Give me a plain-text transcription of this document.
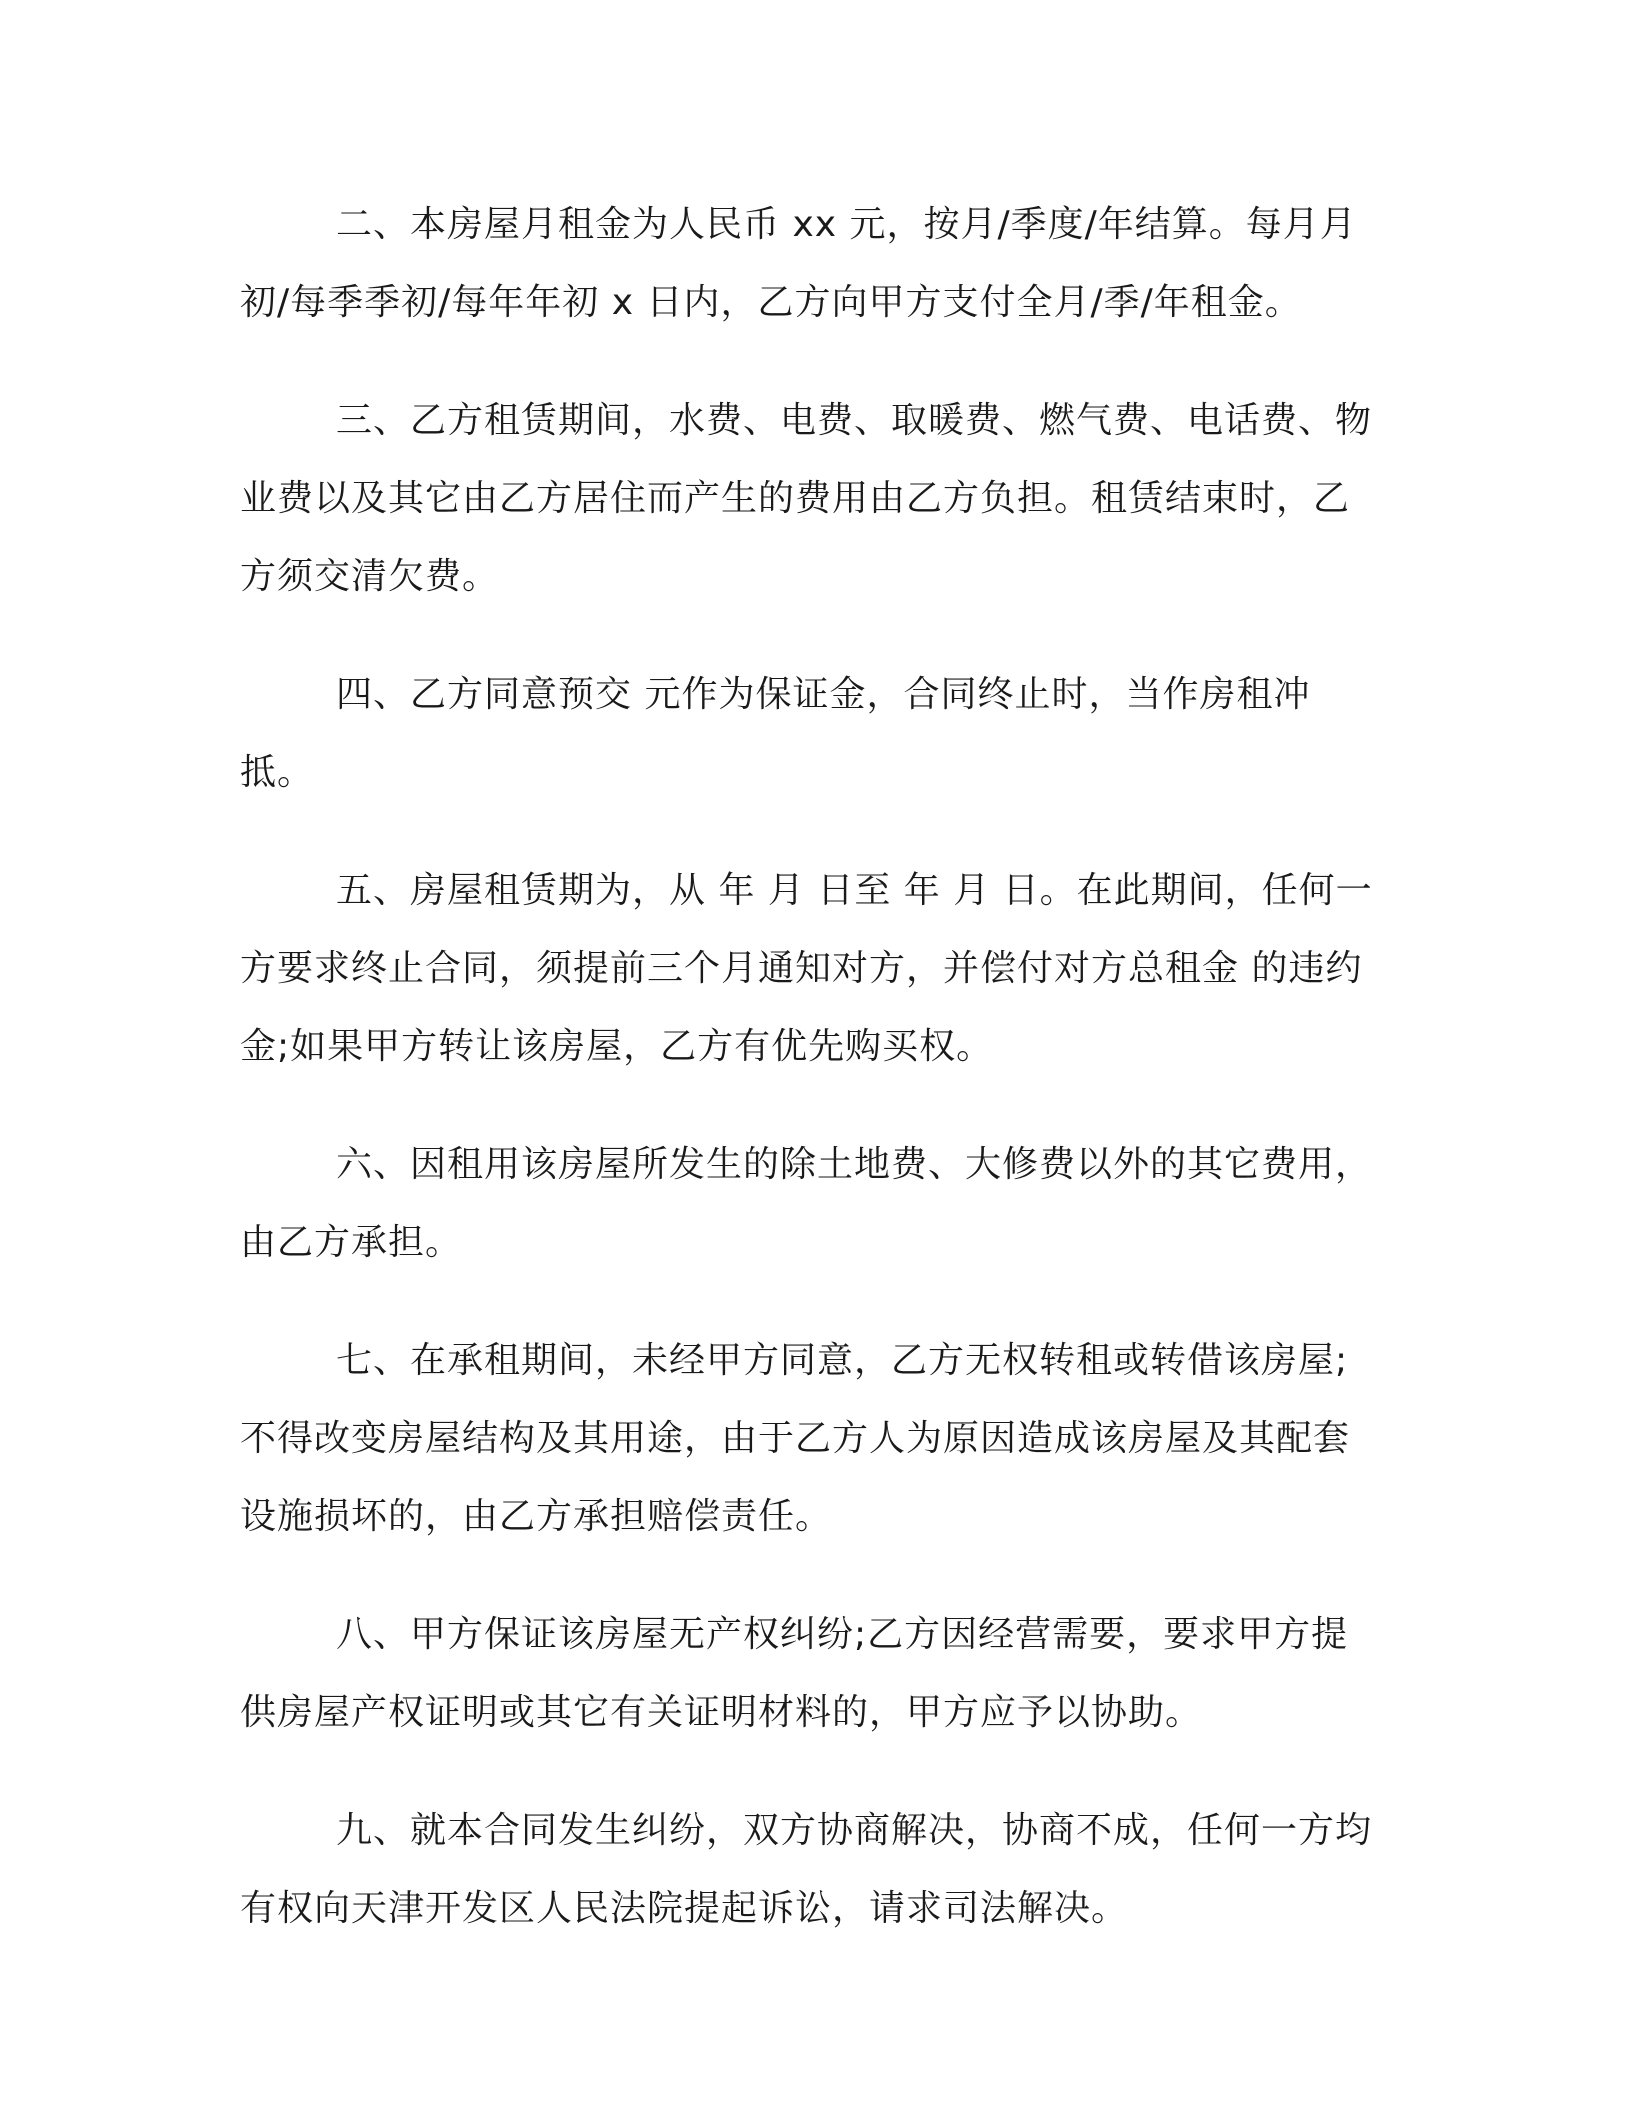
二、本房屋月租金为人民币 xx 元，按月/季度/年结算。每月月初/每季季初/每年年初 x 日内，乙方向甲方支付全月/季/年租金。

三、乙方租赁期间，水费、电费、取暖费、燃气费、电话费、物业费以及其它由乙方居住而产生的费用由乙方负担。租赁结束时，乙方须交清欠费。

四、乙方同意预交 元作为保证金，合同终止时，当作房租冲抵。

五、房屋租赁期为，从 年 月 日至 年 月 日。在此期间，任何一方要求终止合同，须提前三个月通知对方，并偿付对方总租金 的违约金;如果甲方转让该房屋，乙方有优先购买权。

六、因租用该房屋所发生的除土地费、大修费以外的其它费用，由乙方承担。

七、在承租期间，未经甲方同意，乙方无权转租或转借该房屋;不得改变房屋结构及其用途，由于乙方人为原因造成该房屋及其配套设施损坏的，由乙方承担赔偿责任。

八、甲方保证该房屋无产权纠纷;乙方因经营需要，要求甲方提供房屋产权证明或其它有关证明材料的，甲方应予以协助。

九、就本合同发生纠纷，双方协商解决，协商不成，任何一方均有权向天津开发区人民法院提起诉讼，请求司法解决。
